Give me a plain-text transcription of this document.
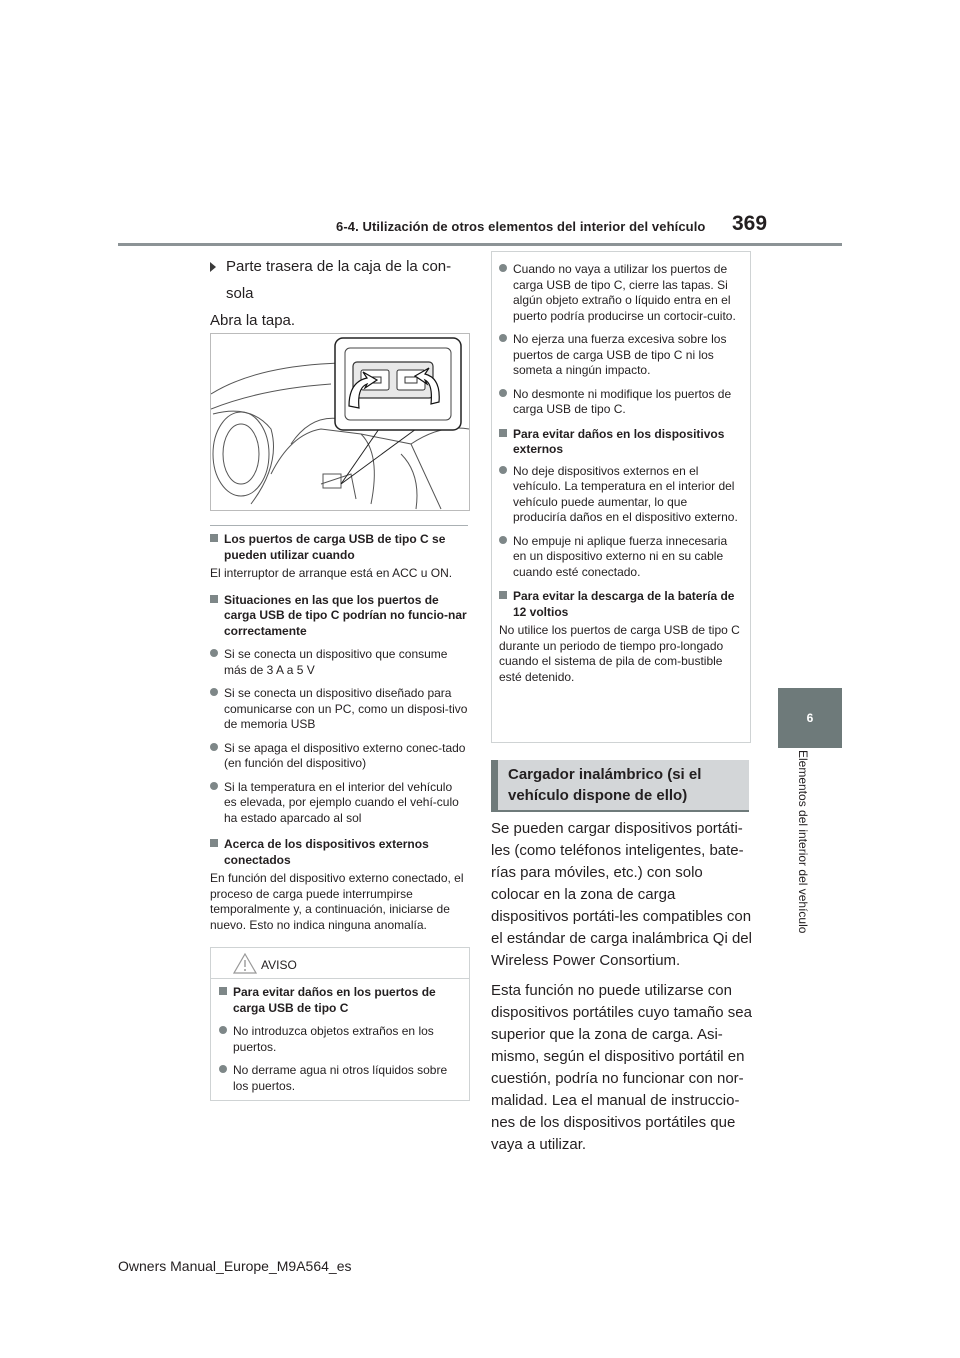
6-4. Utilización de otros elementos del interior del vehículo 369
6
Elementos del interior del vehículo
Parte trasera de la caja de la con-
sola
Abra la tapa.
Los puertos de carga USB de tipo C se pueden utilizar cuando
El interruptor de arranque está en ACC u ON.
Situaciones en las que los puertos de carga USB de tipo C podrían no funcio-nar correctamente
Si se conecta un dispositivo que consume más de 3 A a 5 V
Si se conecta un dispositivo diseñado para comunicarse con un PC, como un disposi-tivo de memoria USB
Si se apaga el dispositivo externo conec-tado (en función del dispositivo)
Si la temperatura en el interior del vehículo es elevada, por ejemplo cuando el vehí-culo ha estado aparcado al sol
Acerca de los dispositivos externos conectados
En función del dispositivo externo conectado, el proceso de carga puede interrumpirse temporalmente y, a continuación, iniciarse de nuevo. Esto no indica ninguna anomalía.
AVISO
Para evitar daños en los puertos de carga USB de tipo C
No introduzca objetos extraños en los puertos.
No derrame agua ni otros líquidos sobre los puertos.
Cuando no vaya a utilizar los puertos de carga USB de tipo C, cierre las tapas. Si algún objeto extraño o líquido entra en el puerto podría producirse un cortocir-cuito.
No ejerza una fuerza excesiva sobre los puertos de carga USB de tipo C ni los someta a ningún impacto.
No desmonte ni modifique los puertos de carga USB de tipo C.
Para evitar daños en los dispositivos externos
No deje dispositivos externos en el vehículo. La temperatura en el interior del vehículo puede aumentar, lo que produciría daños en el dispositivo externo.
No empuje ni aplique fuerza innecesaria en un dispositivo externo ni en su cable cuando esté conectado.
Para evitar la descarga de la batería de 12 voltios
No utilice los puertos de carga USB de tipo C durante un periodo de tiempo pro-longado cuando el sistema de pila de com-bustible esté detenido.
Cargador inalámbrico (si el vehículo dispone de ello)
Se pueden cargar dispositivos portáti-les (como teléfonos inteligentes, bate-rías para móviles, etc.) con solo colocar en la zona de carga dispositivos portáti-les compatibles con el estándar de carga inalámbrica Qi del Wireless Power Consortium.
Esta función no puede utilizarse con dispositivos portátiles cuyo tamaño sea superior que la zona de carga. Asi-mismo, según el dispositivo portátil en cuestión, podría no funcionar con nor-malidad. Lea el manual de instruccio-nes de los dispositivos portátiles que vaya a utilizar.
Owners Manual_Europe_M9A564_es
